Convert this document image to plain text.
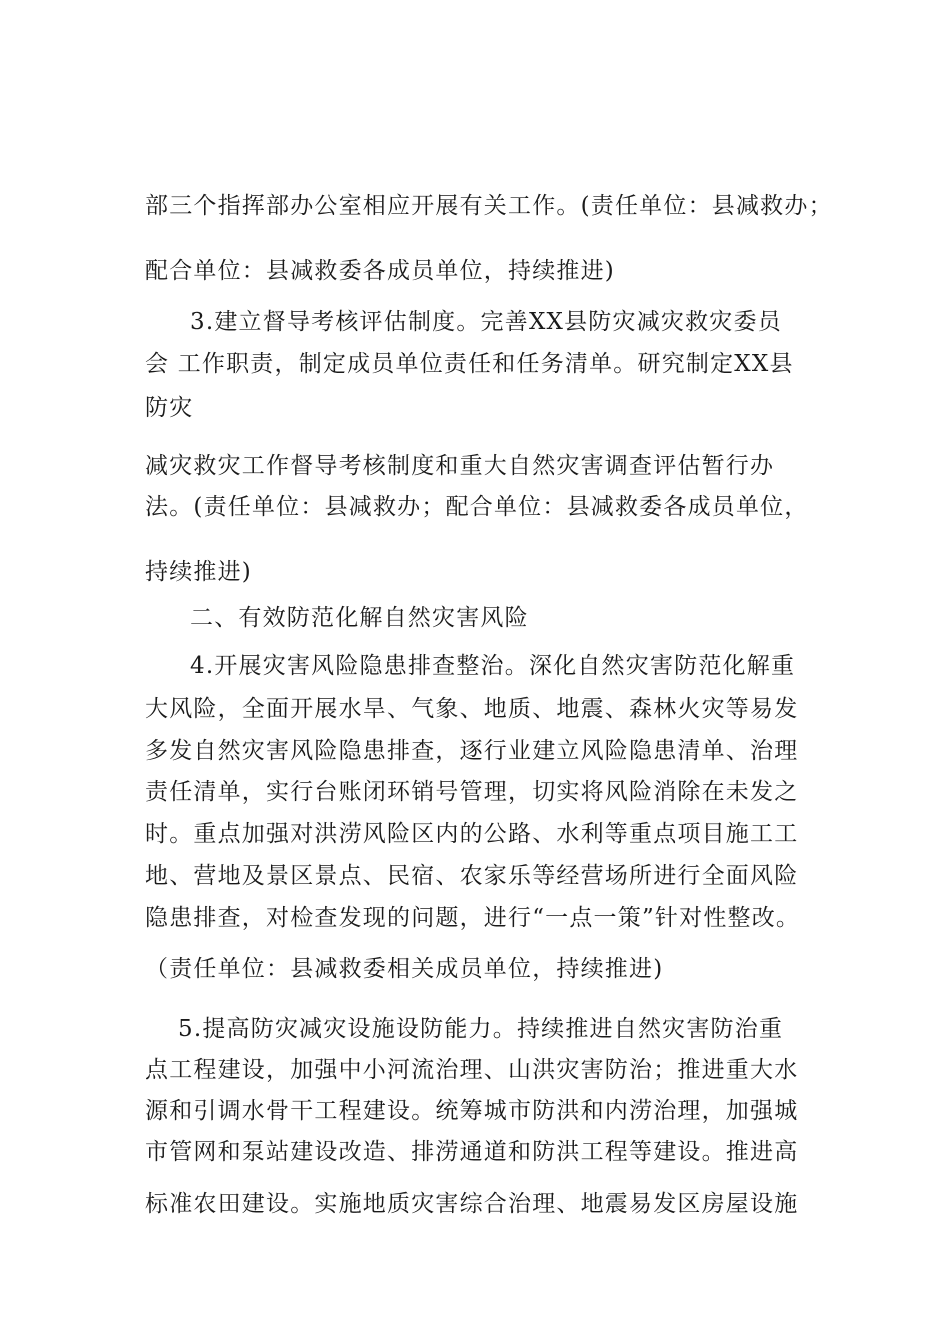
部三个指挥部办公室相应开展有关工作。(责任单位：县减救办；
配合单位：县减救委各成员单位，持续推进)
3.建立督导考核评估制度。完善XX县防灾减灾救灾委员
会 工作职责，制定成员单位责任和任务清单。研究制定XX县
防灾
减灾救灾工作督导考核制度和重大自然灾害调查评估暂行办
法。(责任单位：县减救办；配合单位：县减救委各成员单位，
持续推进)
二、有效防范化解自然灾害风险
4.开展灾害风险隐患排查整治。深化自然灾害防范化解重
大风险，全面开展水旱、气象、地质、地震、森林火灾等易发
多发自然灾害风险隐患排查，逐行业建立风险隐患清单、治理
责任清单，实行台账闭环销号管理，切实将风险消除在未发之
时。重点加强对洪涝风险区内的公路、水利等重点项目施工工
地、营地及景区景点、民宿、农家乐等经营场所进行全面风险
隐患排查，对检查发现的问题，进行“一点一策”针对性整改。
（责任单位：县减救委相关成员单位，持续推进)
5.提高防灾减灾设施设防能力。持续推进自然灾害防治重
点工程建设，加强中小河流治理、山洪灾害防治；推进重大水
源和引调水骨干工程建设。统筹城市防洪和内涝治理，加强城
市管网和泵站建设改造、排涝通道和防洪工程等建设。推进高
标准农田建设。实施地质灾害综合治理、地震易发区房屋设施
